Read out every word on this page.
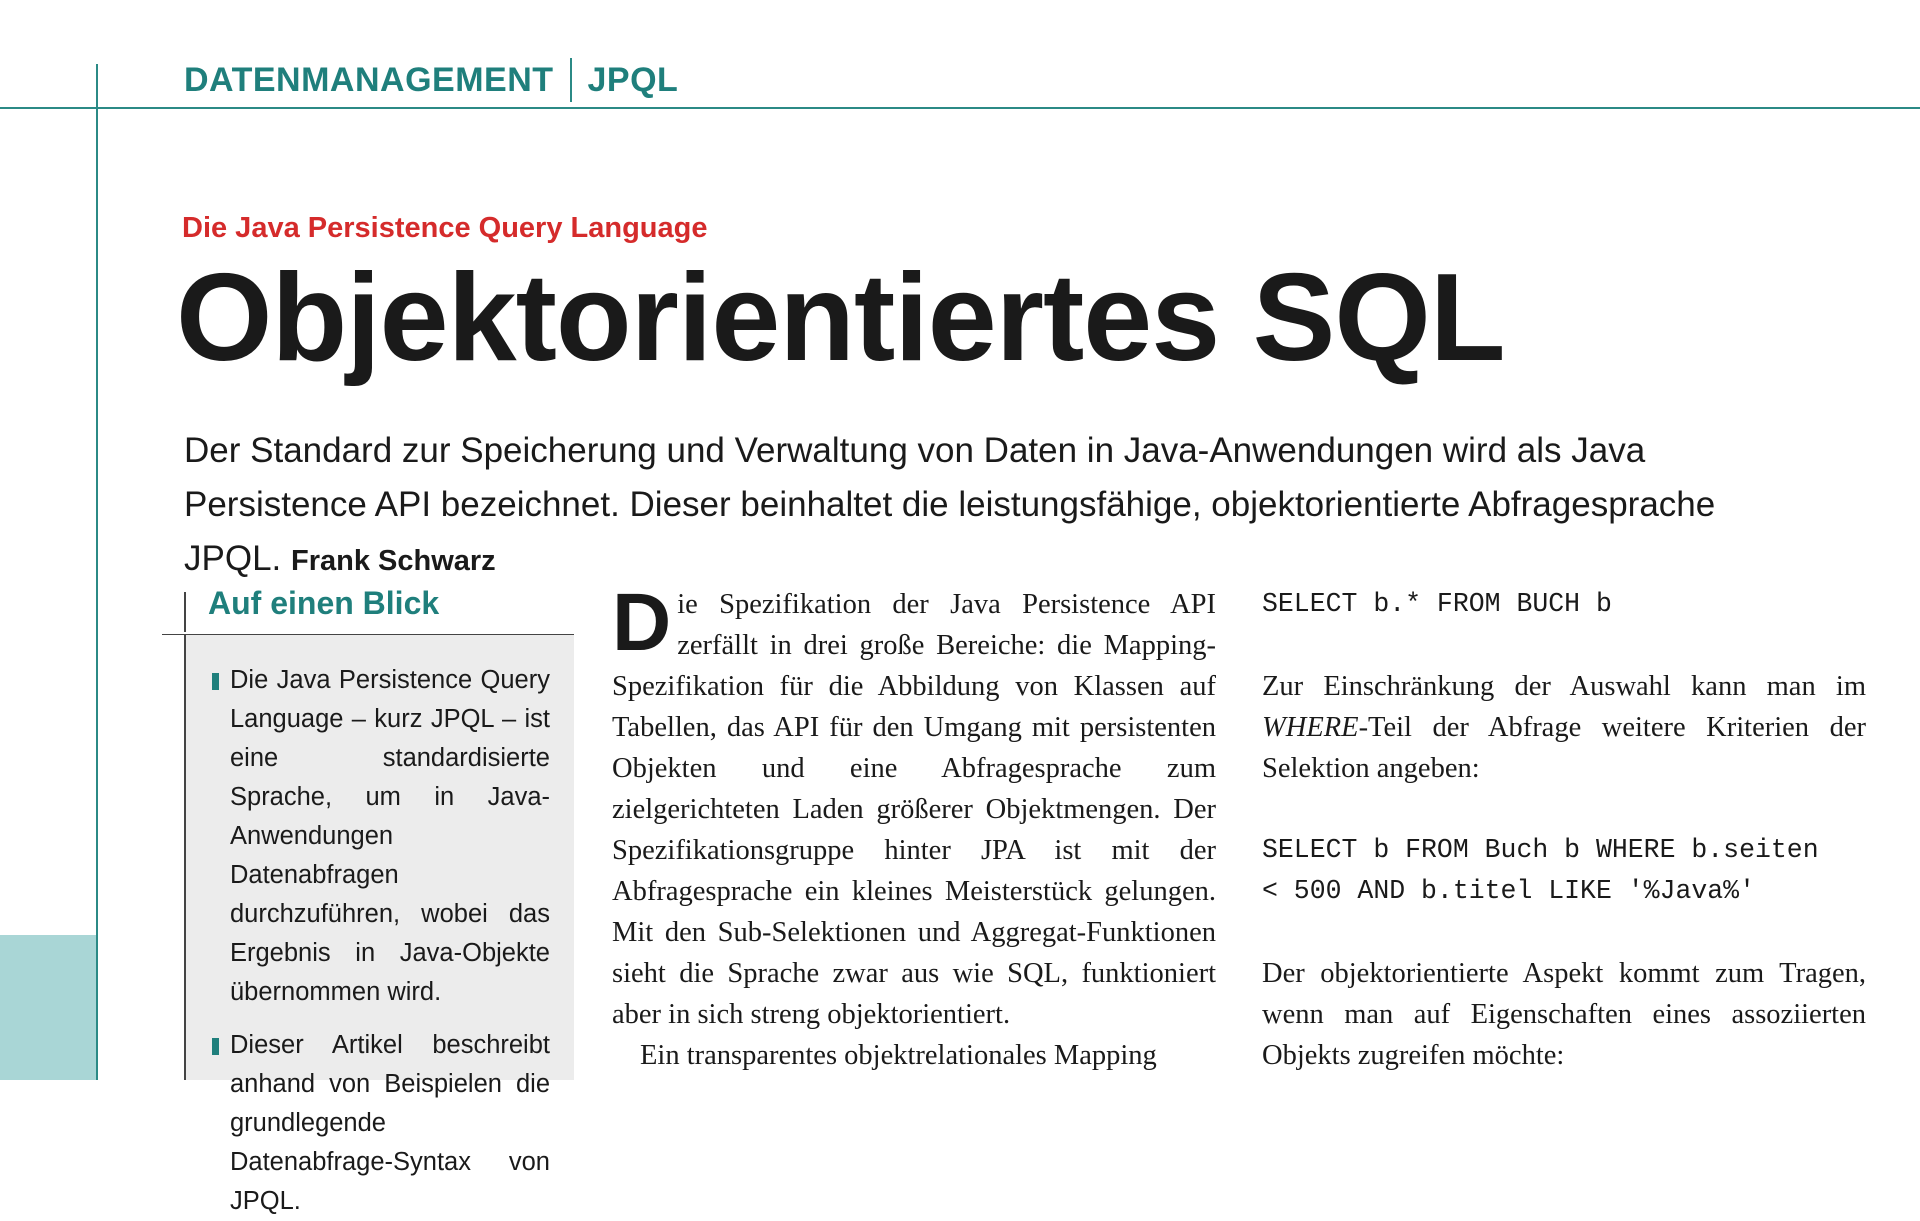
DATENMANAGEMENT JPQL
Die Java Persistence Query Language
Objektorientiertes SQL
Der Standard zur Speicherung und Verwaltung von Daten in Java-Anwendungen wird als Java Persistence API bezeichnet. Dieser beinhaltet die leistungsfähige, objektorientierte Abfragesprache JPQL. Frank Schwarz
Auf einen Blick
Die Java Persistence Query Language – kurz JPQL – ist eine standardisierte Sprache, um in Java-Anwendungen Datenabfragen durchzuführen, wobei das Ergebnis in Java-Objekte übernommen wird.
Dieser Artikel beschreibt anhand von Beispielen die grundlegende Datenabfrage-Syntax von JPQL.

Die Spezifikation der Java Persistence API zerfällt in drei große Bereiche: die Mapping-Spezifikation für die Abbildung von Klassen auf Tabellen, das API für den Umgang mit persistenten Objekten und eine Abfragesprache zum zielgerichteten Laden größerer Objektmengen. Der Spezifikationsgruppe hinter JPA ist mit der Abfragesprache ein kleines Meisterstück gelungen. Mit den Sub-Selektionen und Aggregat-Funktionen sieht die Sprache zwar aus wie SQL, funktioniert aber in sich streng objektorientiert.

Ein transparentes objektrelationales Mapping

SELECT b.* FROM BUCH b

Zur Einschränkung der Auswahl kann man im WHERE-Teil der Abfrage weitere Kriterien der Selektion angeben:

SELECT b FROM Buch b WHERE b.seiten
< 500 AND b.titel LIKE '%Java%'

Der objektorientierte Aspekt kommt zum Tragen, wenn man auf Eigenschaften eines assoziierten Objekts zugreifen möchte:
